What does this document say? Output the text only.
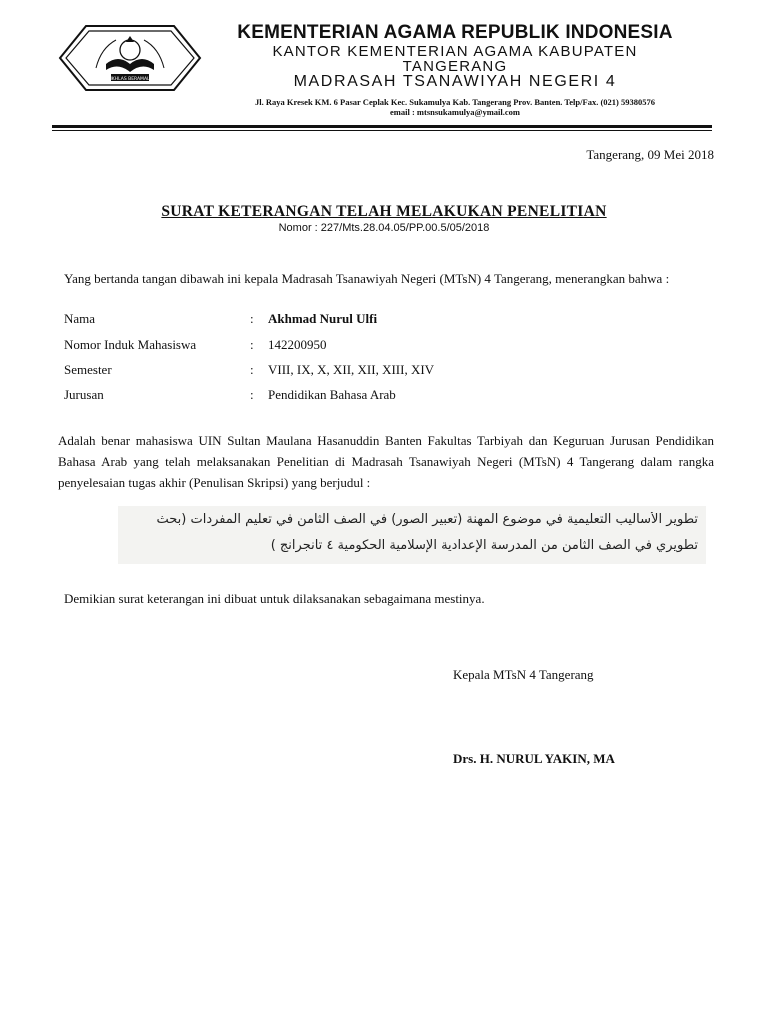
IKHLAS BERAMAL
KEMENTERIAN AGAMA REPUBLIK INDONESIA
KANTOR KEMENTERIAN AGAMA KABUPATEN
TANGERANG
MADRASAH TSANAWIYAH NEGERI 4
Jl. Raya Kresek KM. 6 Pasar Ceplak Kec. Sukamulya Kab. Tangerang Prov. Banten. Telp/Fax. (021) 59380576
email : mtsnsukamulya@ymail.com
Tangerang, 09 Mei 2018
SURAT KETERANGAN TELAH MELAKUKAN PENELITIAN
Nomor : 227/Mts.28.04.05/PP.00.5/05/2018
Yang bertanda tangan dibawah ini kepala Madrasah Tsanawiyah Negeri (MTsN) 4 Tangerang, menerangkan bahwa :
Nama	: Akhmad Nurul Ulfi
Nomor Induk Mahasiswa	: 142200950
Semester	: VIII, IX, X, XII, XII, XIII, XIV
Jurusan	: Pendidikan Bahasa Arab
Adalah benar mahasiswa UIN Sultan Maulana Hasanuddin Banten Fakultas Tarbiyah dan Keguruan Jurusan Pendidikan Bahasa Arab yang telah melaksanakan Penelitian di Madrasah Tsanawiyah Negeri (MTsN) 4 Tangerang dalam rangka penyelesaian tugas akhir (Penulisan Skripsi) yang berjudul :
تطوير الأساليب التعليمية في موضوع المهنة (تعبير الصور) في الصف الثامن في تعليم المفردات (بحث
تطويري في الصف الثامن من المدرسة الإعدادية الإسلامية الحكومية ٤ تانجرانج )
Demikian surat keterangan ini dibuat untuk dilaksanakan sebagaimana mestinya.
Kepala MTsN 4 Tangerang
Drs. H. NURUL YAKIN, MA
